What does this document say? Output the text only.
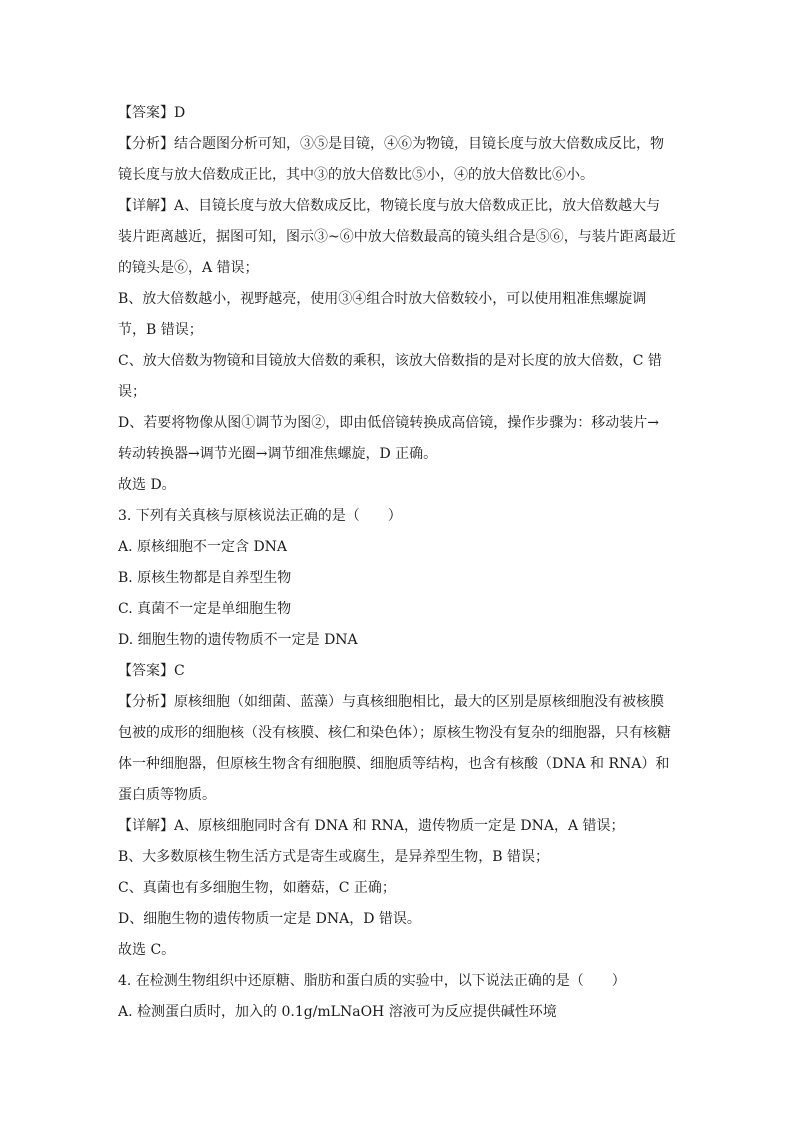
【答案】D
【分析】结合题图分析可知，③⑤是目镜，④⑥为物镜，目镜长度与放大倍数成反比，物
镜长度与放大倍数成正比，其中③的放大倍数比⑤小，④的放大倍数比⑥小。
【详解】A、目镜长度与放大倍数成反比，物镜长度与放大倍数成正比，放大倍数越大与
装片距离越近，据图可知，图示③~⑥中放大倍数最高的镜头组合是⑤⑥，与装片距离最近
的镜头是⑥，A 错误；
B、放大倍数越小，视野越亮，使用③④组合时放大倍数较小，可以使用粗准焦螺旋调
节，B 错误；
C、放大倍数为物镜和目镜放大倍数的乘积，该放大倍数指的是对长度的放大倍数，C 错
误；
D、若要将物像从图①调节为图②，即由低倍镜转换成高倍镜，操作步骤为：移动装片→
转动转换器→调节光圈→调节细准焦螺旋，D 正确。
故选 D。
3. 下列有关真核与原核说法正确的是（　　）
A. 原核细胞不一定含 DNA
B. 原核生物都是自养型生物
C. 真菌不一定是单细胞生物
D. 细胞生物的遗传物质不一定是 DNA
【答案】C
【分析】原核细胞（如细菌、蓝藻）与真核细胞相比，最大的区别是原核细胞没有被核膜
包被的成形的细胞核（没有核膜、核仁和染色体）；原核生物没有复杂的细胞器，只有核糖
体一种细胞器，但原核生物含有细胞膜、细胞质等结构，也含有核酸（DNA 和 RNA）和
蛋白质等物质。
【详解】A、原核细胞同时含有 DNA 和 RNA，遗传物质一定是 DNA，A 错误；
B、大多数原核生物生活方式是寄生或腐生，是异养型生物，B 错误；
C、真菌也有多细胞生物，如蘑菇，C 正确；
D、细胞生物的遗传物质一定是 DNA，D 错误。
故选 C。
4. 在检测生物组织中还原糖、脂肪和蛋白质的实验中，以下说法正确的是（　　）
A. 检测蛋白质时，加入的 0.1g/mLNaOH 溶液可为反应提供碱性环境
